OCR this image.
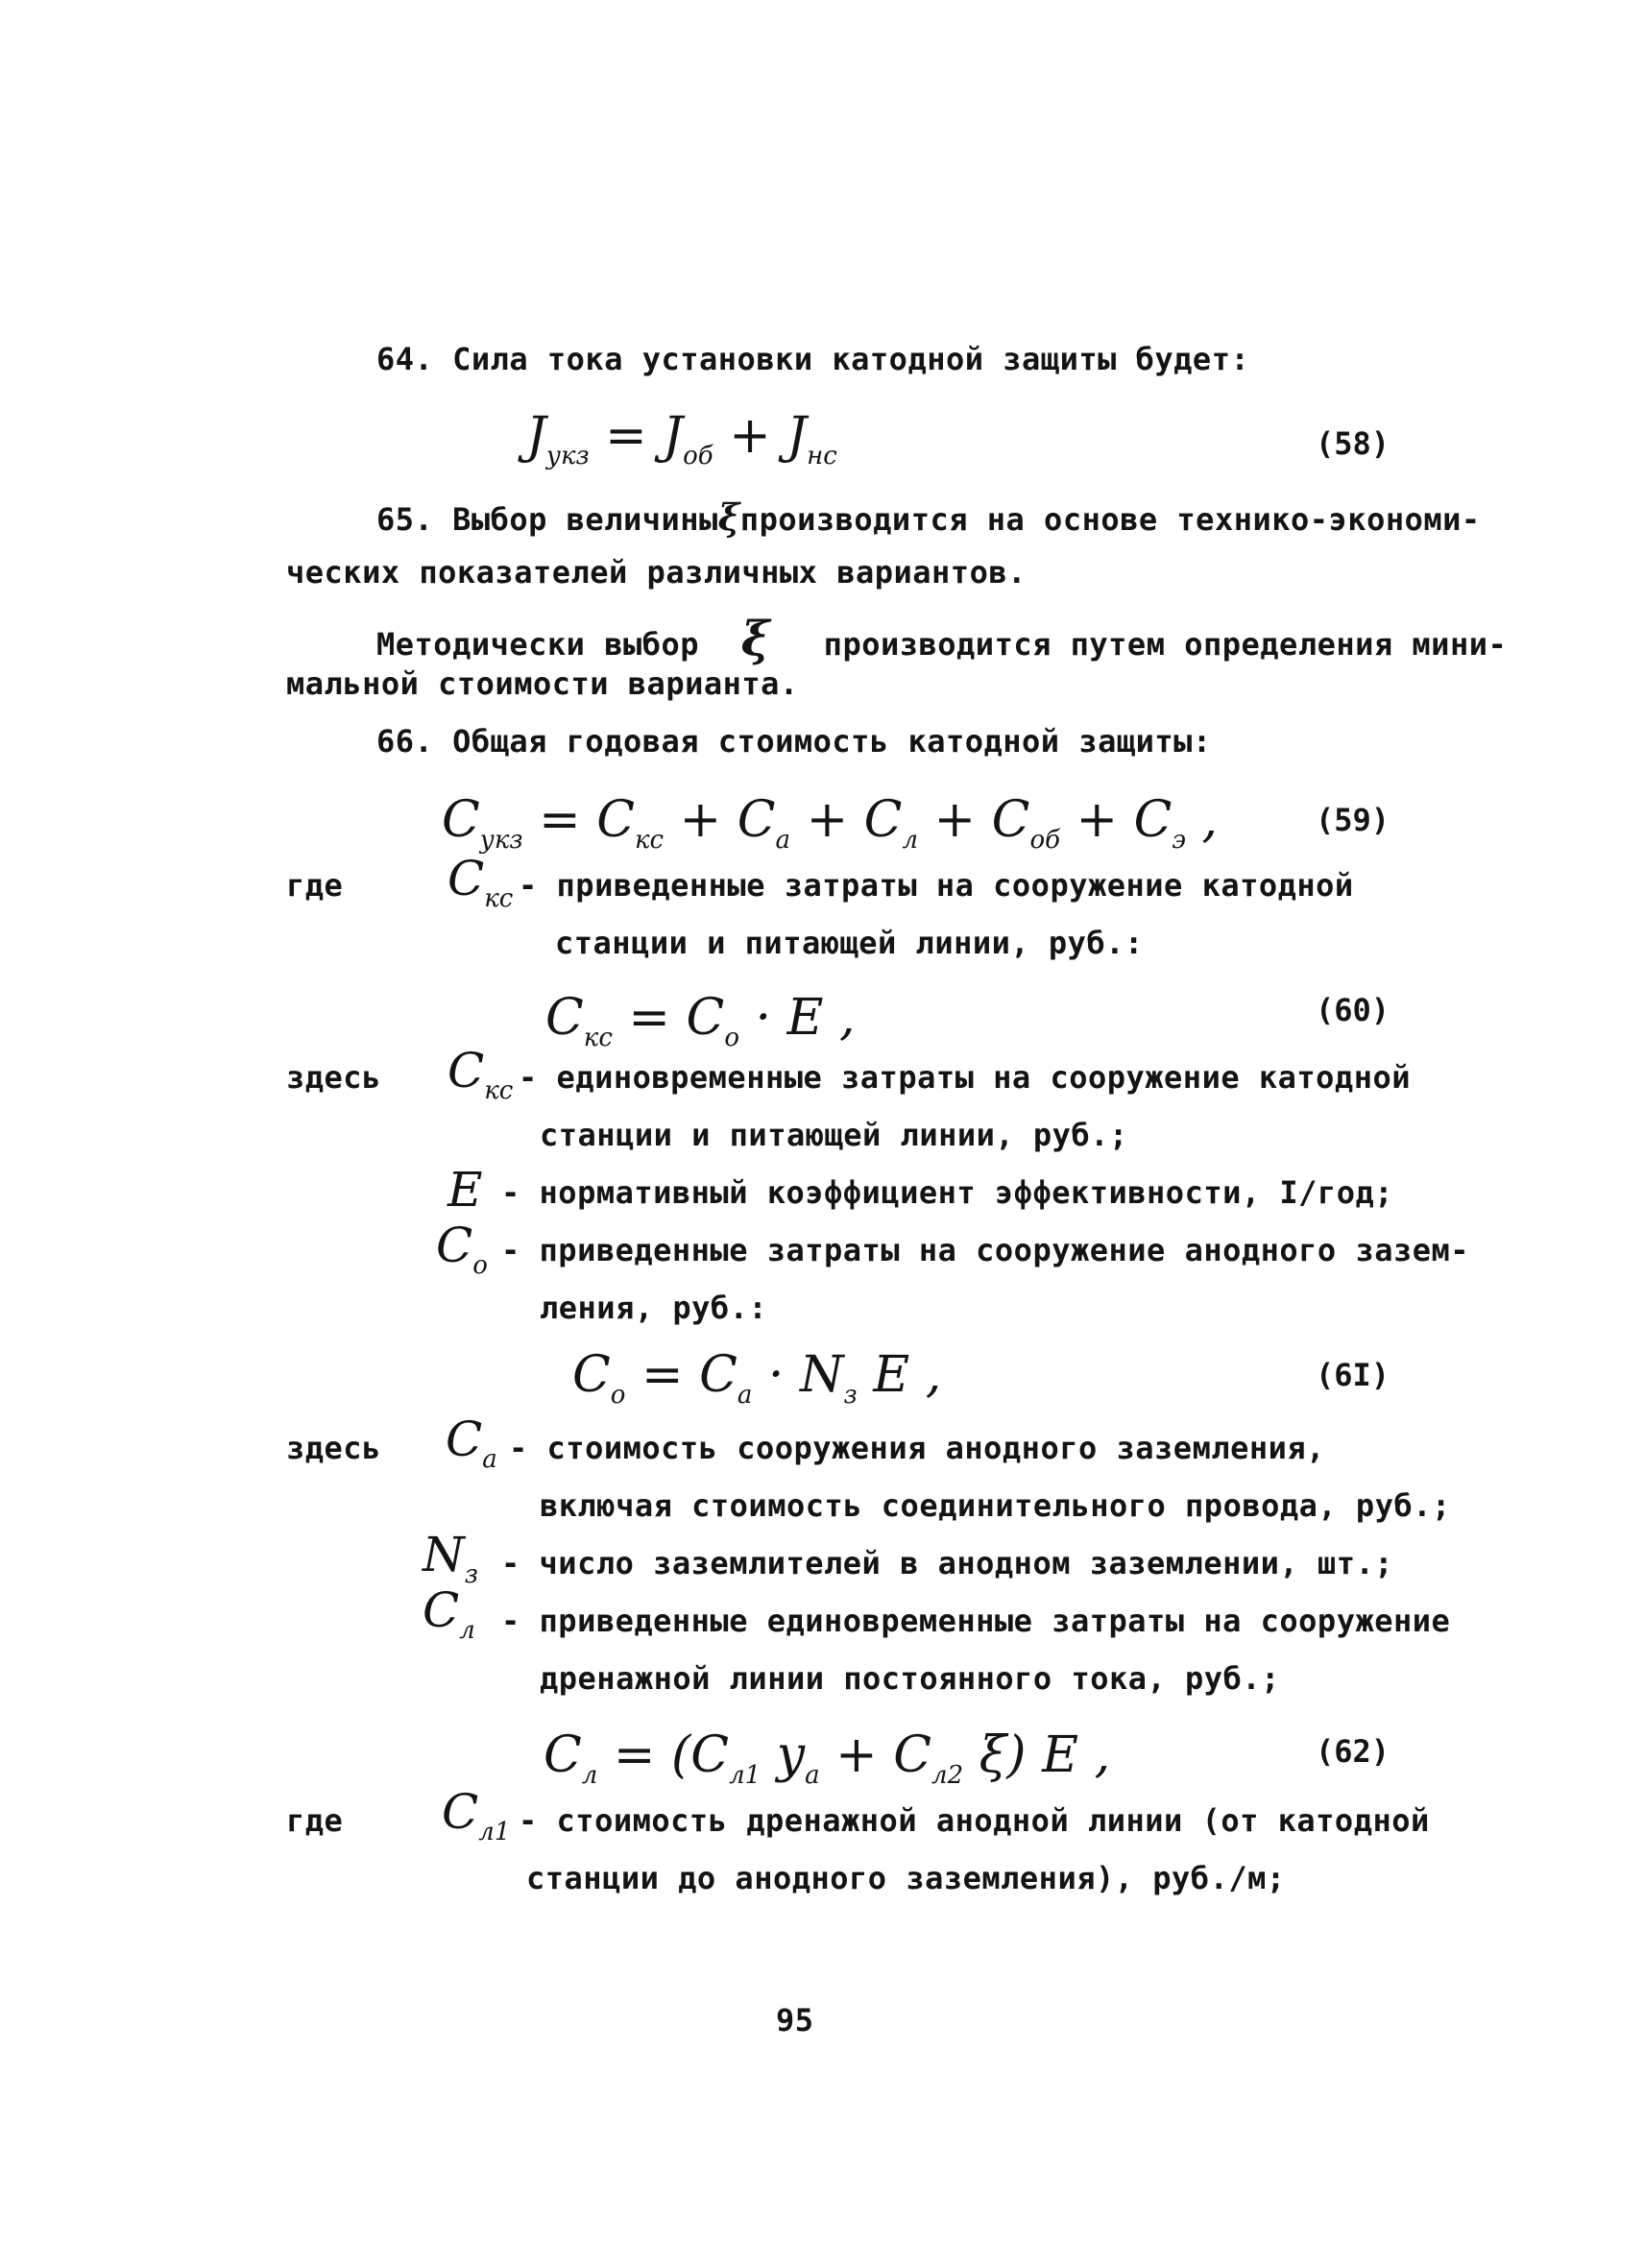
64. Сила тока установки катодной защиты будет:
$J_{укз} = J_{об} + J_{нс}$	(58)
65. Выбор величиныξпроизводится на основе технико-экономи-
ческих показателей различных вариантов.
Методически выбор ξ производится путем определения мини-
мальной стоимости варианта.
66. Общая годовая стоимость катодной защиты:
$C_{укз} = C_{кс} + C_а + C_л + C_{об} + C_э$ ,	(59)
где $C_{кс}$ - приведенные затраты на сооружение катодной
станции и питающей линии, руб.:
$C_{кс} = C_о \cdot E$ ,	(60)
здесь $C_{кс}$ - единовременные затраты на сооружение катодной
станции и питающей линии, руб.;
E - нормативный коэффициент эффективности, I/год;
$C_о$ - приведенные затраты на сооружение анодного зазем-
ления, руб.:
$C_о = C_а \cdot N_з$ E ,	(6I)
здесь $C_а$ - стоимость сооружения анодного заземления,
включая стоимость соединительного провода, руб.;
$N_з$ - число заземлителей в анодном заземлении, шт.;
$C_л$ - приведенные единовременные затраты на сооружение
дренажной линии постоянного тока, руб.;
$C_л = (C_{л1}$ $y_а + C_{л2}$ ξ) E ,	(62)
где $C_{л1}$ - стоимость дренажной анодной линии (от катодной
станции до анодного заземления), руб./м;
95
